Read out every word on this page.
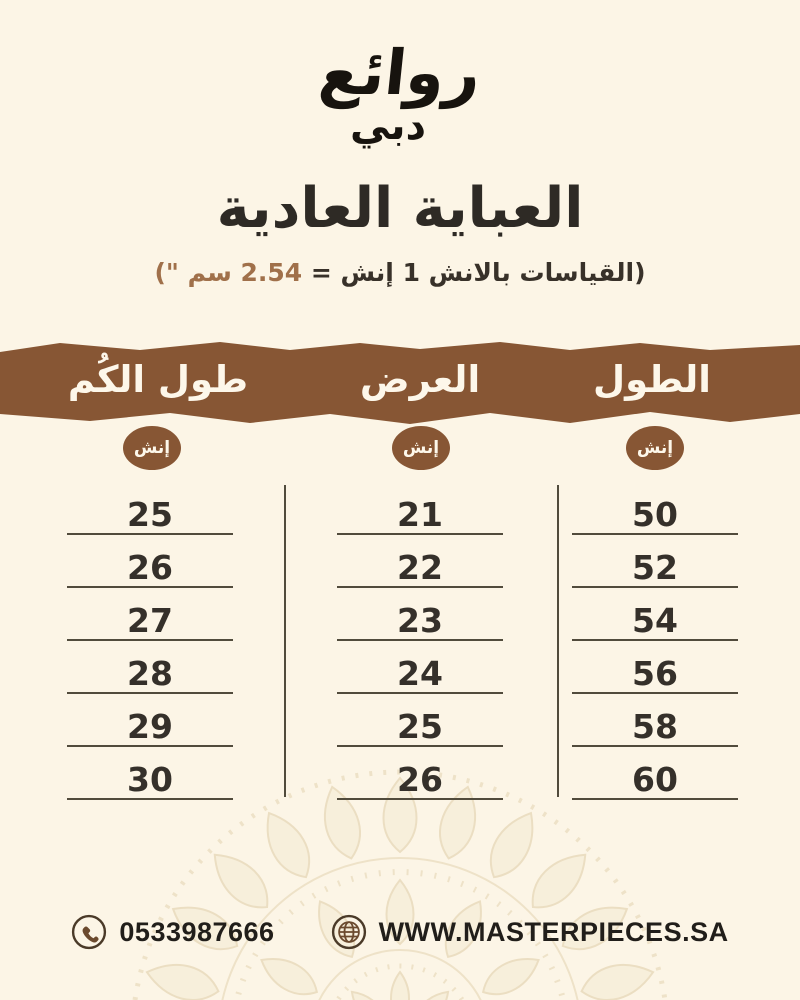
روائع
دبي
العباية العادية

(القياسات بالانش 1 إنش = 2.54 سم ")

الطول
العرض
طول الكُم
إنش
إنش
إنش
50
52
54
56
58
60
21
22
23
24
25
26
25
26
27
28
29
30
0533987666	WWW.MASTERPIECES.SA
